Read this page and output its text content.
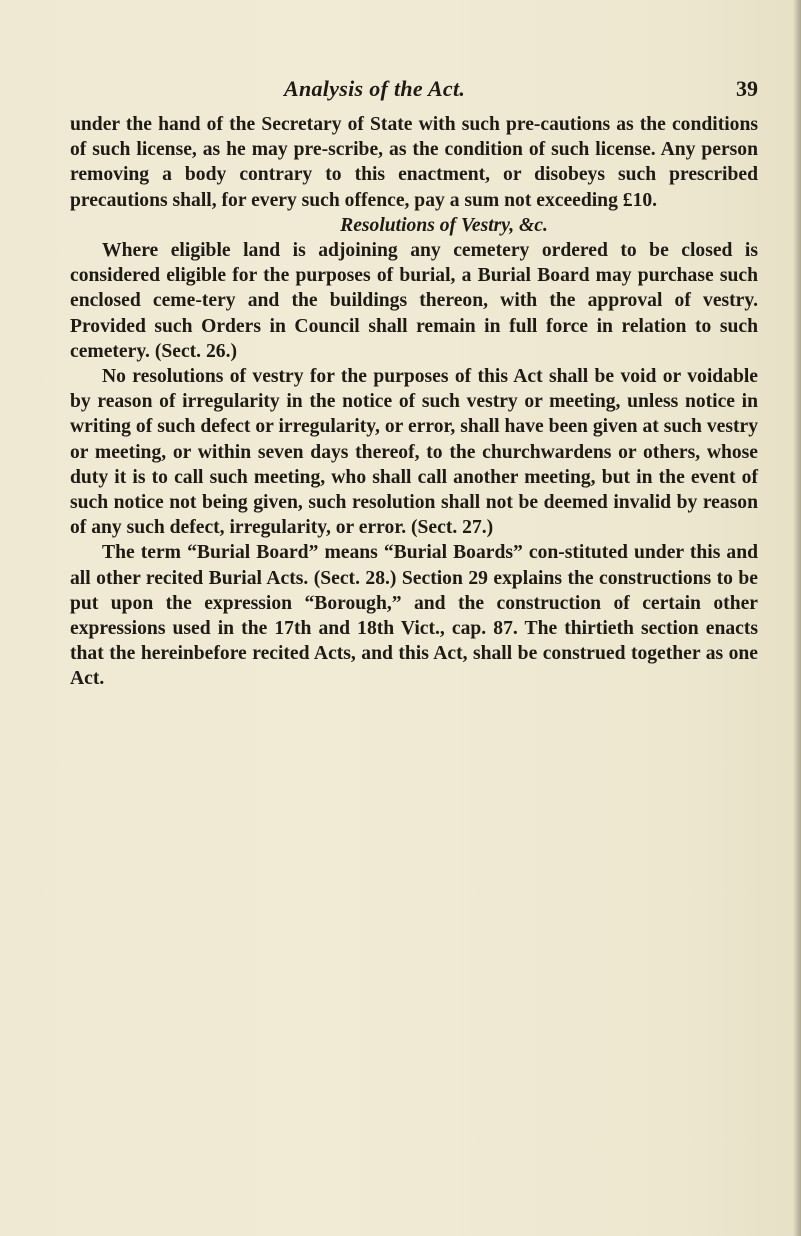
Analysis of the Act.	39

under the hand of the Secretary of State with such pre-cautions as the conditions of such license, as he may pre-scribe, as the condition of such license. Any person removing a body contrary to this enactment, or disobeys such prescribed precautions shall, for every such offence, pay a sum not exceeding £10.

Resolutions of Vestry, &c.

Where eligible land is adjoining any cemetery ordered to be closed is considered eligible for the purposes of burial, a Burial Board may purchase such enclosed ceme-tery and the buildings thereon, with the approval of vestry. Provided such Orders in Council shall remain in full force in relation to such cemetery. (Sect. 26.)

No resolutions of vestry for the purposes of this Act shall be void or voidable by reason of irregularity in the notice of such vestry or meeting, unless notice in writing of such defect or irregularity, or error, shall have been given at such vestry or meeting, or within seven days thereof, to the churchwardens or others, whose duty it is to call such meeting, who shall call another meeting, but in the event of such notice not being given, such resolution shall not be deemed invalid by reason of any such defect, irregularity, or error. (Sect. 27.)

The term “Burial Board” means “Burial Boards” con-stituted under this and all other recited Burial Acts. (Sect. 28.) Section 29 explains the constructions to be put upon the expression “Borough,” and the construction of certain other expressions used in the 17th and 18th Vict., cap. 87. The thirtieth section enacts that the hereinbefore recited Acts, and this Act, shall be construed together as one Act.
